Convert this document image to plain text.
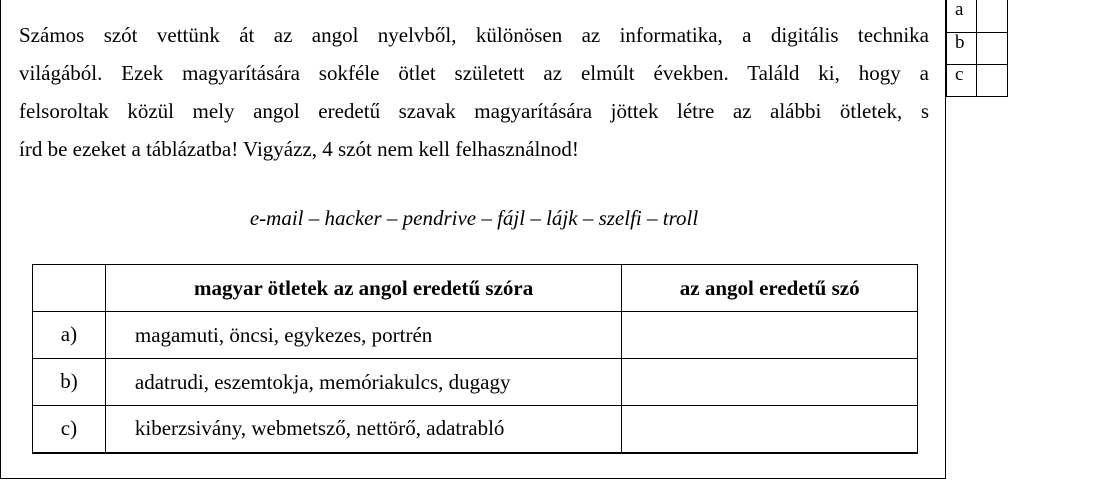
Számos szót vettünk át az angol nyelvből, különösen az informatika, a digitális technika
világából. Ezek magyarítására sokféle ötlet született az elmúlt években. Találd ki, hogy a
felsoroltak közül mely angol eredetű szavak magyarítására jöttek létre az alábbi ötletek, s
írd be ezeket a táblázatba! Vigyázz, 4 szót nem kell felhasználnod!
e-mail – hacker – pendrive – fájl – lájk – szelfi – troll
	magyar ötletek az angol eredetű szóra	az angol eredetű szó
a)	magamuti, öncsi, egykezes, portrén	
b)	adatrudi, eszemtokja, memóriakulcs, dugagy	
c)	kiberzsivány, webmetsző, nettörő, adatrabló	
a	
b	
c	
